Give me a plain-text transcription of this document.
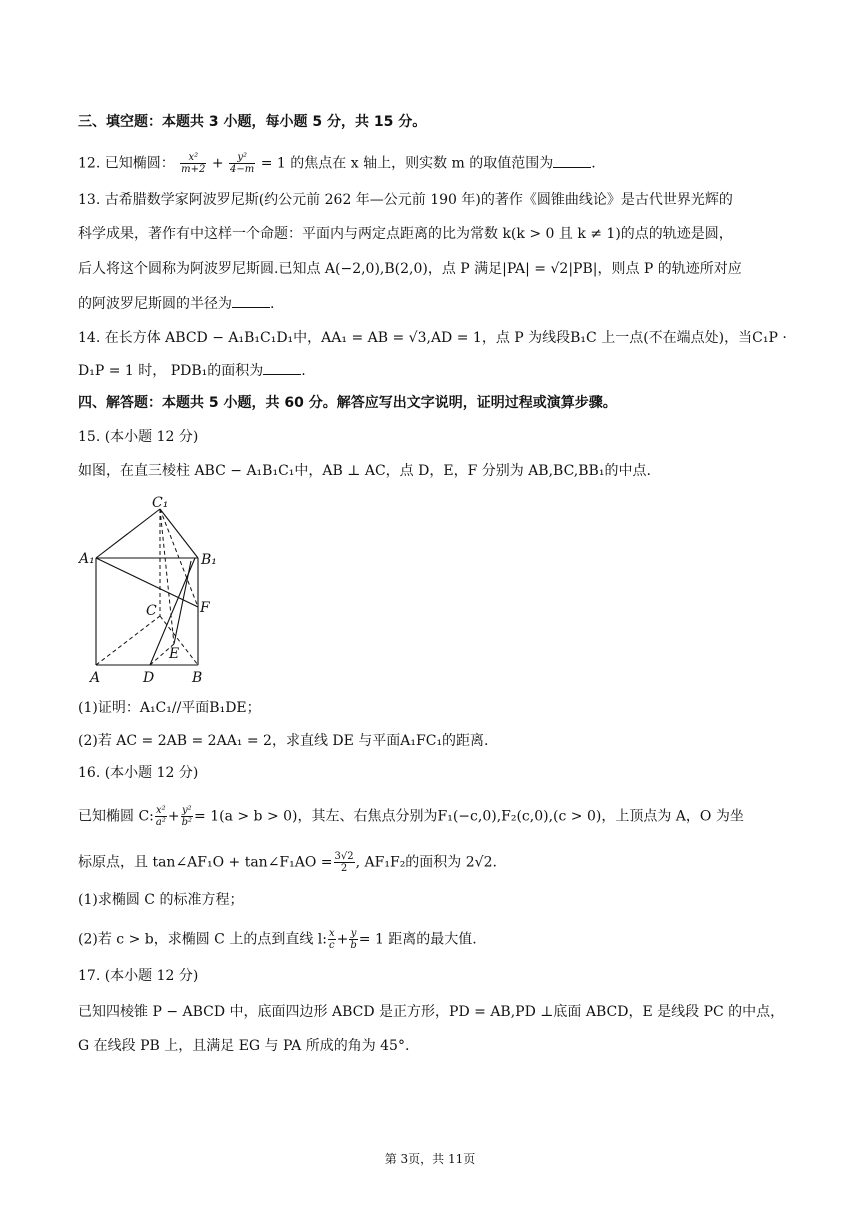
三、填空题：本题共 3 小题，每小题 5 分，共 15 分。
12. 已知椭圆： $\frac{\text{x²}}{m+2} + \frac{\text{y²}}{4-m} = 1$ 的焦点在 x 轴上，则实数 m 的取值范围为	.
13. 古希腊数学家阿波罗尼斯(约公元前 262 年—公元前 190 年)的著作《圆锥曲线论》是古代世界光辉的
科学成果，著作有中这样一个命题：平面内与两定点距离的比为常数 k(k > 0 且 k ≠ 1)的点的轨迹是圆，
后人将这个圆称为阿波罗尼斯圆.已知点 A(−2,0),B(2,0)，点 P 满足|PA| = √2|PB|，则点 P 的轨迹所对应
的阿波罗尼斯圆的半径为	.
14. 在长方体 ABCD − A₁B₁C₁D₁中，AA₁ = AB = √3,AD = 1，点 P 为线段B₁C 上一点(不在端点处)，当C₁P ·
D₁P = 1 时， PDB₁的面积为	.
四、解答题：本题共 5 小题，共 60 分。解答应写出文字说明，证明过程或演算步骤。
15. (本小题 12 分)
如图，在直三棱柱 ABC − A₁B₁C₁中，AB ⊥ AC，点 D，E，F 分别为 AB,BC,BB₁的中点.
C₁
A₁	B₁
F
C
E
A	D	B
(1)证明：A₁C₁//平面B₁DE；
(2)若 AC = 2AB = 2AA₁ = 2，求直线 DE 与平面A₁FC₁的距离.
16. (本小题 12 分)
已知椭圆 C: $\frac{\text{x²}}{\text{a²}} + \frac{\text{y²}}{\text{b²}} = 1(a > b > 0)$，其左、右焦点分别为F₁(−c,0),F₂(c,0),(c > 0)，上顶点为 A，O 为坐
标原点，且 tan∠AF₁O + tan∠F₁AO = $\frac{3√2}{2}$ , AF₁F₂的面积为 2√2.
(1)求椭圆 C 的标准方程；
(2)若 c > b，求椭圆 C 上的点到直线 l: $\frac{x}{c} + \frac{y}{b} = 1$ 距离的最大值.
17. (本小题 12 分)
已知四棱锥 P − ABCD 中，底面四边形 ABCD 是正方形，PD = AB,PD ⊥底面 ABCD，E 是线段 PC 的中点，
G 在线段 PB 上，且满足 EG 与 PA 所成的角为 45°.
第 3页，共 11页
